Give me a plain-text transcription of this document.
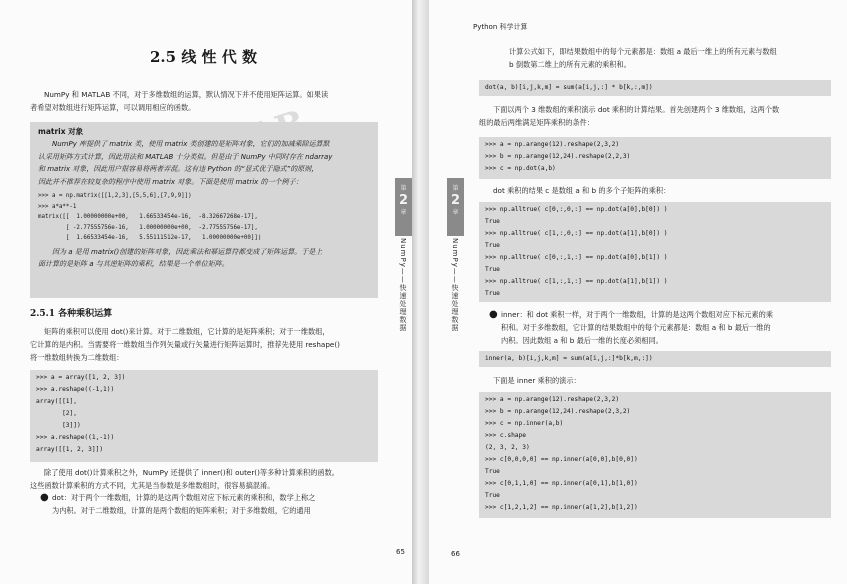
2.5 线 性 代 数
NumPy 和 MATLAB 不同，对于多维数组的运算，默认情况下并不使用矩阵运算。如果读
者希望对数组进行矩阵运算，可以调用相应的函数。
matrix 对象
NumPy 库提供了 matrix 类，使用 matrix 类创建的是矩阵对象，它们的加减乘除运算默
认采用矩阵方式计算，因此用法和 MATLAB 十分类似。但是由于 NumPy 中同时存在 ndarray
和 matrix 对象，因此用户很容易将两者弄混。这有违 Python 的“显式优于隐式”的原则，
因此并不推荐在较复杂的程序中使用 matrix 对象。下面是使用 matrix 的一个例子：
>>> a = np.matrix([[1,2,3],[5,5,6],[7,9,9]])
>>> a*a**-1
matrix([[  1.00000000e+00,   1.66533454e-16,  -8.32667268e-17],
[ -2.77555756e-16,   1.00000000e+00,  -2.77555756e-17],
[  1.66533454e-16,   5.55111512e-17,   1.00000000e+00]])
因为 a 是用 matrix()创建的矩阵对象，因此乘法和幂运算符都变成了矩阵运算。于是上
面计算的是矩阵 a 与其逆矩阵的乘积，结果是一个单位矩阵。
2.5.1 各种乘积运算
矩阵的乘积可以使用 dot()来计算。对于二维数组，它计算的是矩阵乘积；对于一维数组，
它计算的是内积。当需要将一维数组当作列矢量或行矢量进行矩阵运算时，推荐先使用 reshape()
将一维数组转换为二维数组：
>>> a = array([1, 2, 3])
>>> a.reshape((-1,1))
array([[1],
[2],
[3]])
>>> a.reshape((1,-1))
array([[1, 2, 3]])
除了使用 dot()计算乘积之外，NumPy 还提供了 inner()和 outer()等多种计算乘积的函数。
这些函数计算乘积的方式不同，尤其是当参数是多维数组时，很容易搞混淆。
● dot：对于两个一维数组，计算的是这两个数组对应下标元素的乘积和，数学上称之
为内积。对于二维数组，计算的是两个数组的矩阵乘积；对于多维数组，它的通用
65
第
2
章
NumPy——快速处理数据
Python 科学计算
第
2
章
NumPy——快速处理数据
计算公式如下，即结果数组中的每个元素都是：数组 a 最后一维上的所有元素与数组
b 倒数第二维上的所有元素的乘积和。
dot(a, b)[i,j,k,m] = sum(a[i,j,:] * b[k,:,m])
下面以两个 3 维数组的乘积演示 dot 乘积的计算结果。首先创建两个 3 维数组，这两个数
组的最后两维满足矩阵乘积的条件：
>>> a = np.arange(12).reshape(2,3,2)
>>> b = np.arange(12,24).reshape(2,2,3)
>>> c = np.dot(a,b)
dot 乘积的结果 c 是数组 a 和 b 的多个子矩阵的乘积：
>>> np.alltrue( c[0,:,0,:] == np.dot(a[0],b[0]) )
True
>>> np.alltrue( c[1,:,0,:] == np.dot(a[1],b[0]) )
True
>>> np.alltrue( c[0,:,1,:] == np.dot(a[0],b[1]) )
True
>>> np.alltrue( c[1,:,1,:] == np.dot(a[1],b[1]) )
True
● inner：和 dot 乘积一样，对于两个一维数组，计算的是这两个数组对应下标元素的乘
积和。对于多维数组，它计算的结果数组中的每个元素都是：数组 a 和 b 最后一维的
内积。因此数组 a 和 b 最后一维的长度必须相同。
inner(a, b)[i,j,k,m] = sum(a[i,j,:]*b[k,m,:])
下面是 inner 乘积的演示：
>>> a = np.arange(12).reshape(2,3,2)
>>> b = np.arange(12,24).reshape(2,3,2)
>>> c = np.inner(a,b)
>>> c.shape
(2, 3, 2, 3)
>>> c[0,0,0,0] == np.inner(a[0,0],b[0,0])
True
>>> c[0,1,1,0] == np.inner(a[0,1],b[1,0])
True
>>> c[1,2,1,2] == np.inner(a[1,2],b[1,2])
66
